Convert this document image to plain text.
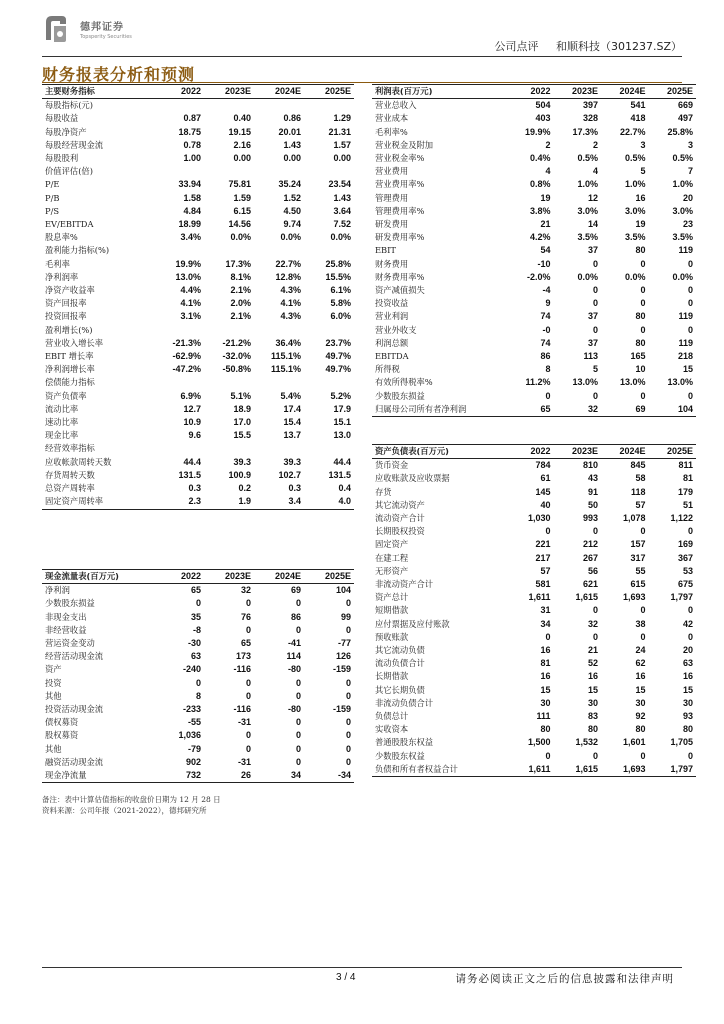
德邦证券
Topsperity Securities
公司点评 和顺科技（301237.SZ）
财务报表分析和预测
主要财务指标	2022	2023E	2024E	2025E
每股指标(元)				
每股收益	0.87	0.40	0.86	1.29
每股净资产	18.75	19.15	20.01	21.31
每股经营现金流	0.78	2.16	1.43	1.57
每股股利	1.00	0.00	0.00	0.00
价值评估(倍)				
P/E	33.94	75.81	35.24	23.54
P/B	1.58	1.59	1.52	1.43
P/S	4.84	6.15	4.50	3.64
EV/EBITDA	18.99	14.56	9.74	7.52
股息率%	3.4%	0.0%	0.0%	0.0%
盈利能力指标(%)				
毛利率	19.9%	17.3%	22.7%	25.8%
净利润率	13.0%	8.1%	12.8%	15.5%
净资产收益率	4.4%	2.1%	4.3%	6.1%
资产回报率	4.1%	2.0%	4.1%	5.8%
投资回报率	3.1%	2.1%	4.3%	6.0%
盈利增长(%)				
营业收入增长率	-21.3%	-21.2%	36.4%	23.7%
EBIT 增长率	-62.9%	-32.0%	115.1%	49.7%
净利润增长率	-47.2%	-50.8%	115.1%	49.7%
偿债能力指标				
资产负债率	6.9%	5.1%	5.4%	5.2%
流动比率	12.7	18.9	17.4	17.9
速动比率	10.9	17.0	15.4	15.1
现金比率	9.6	15.5	13.7	13.0
经营效率指标				
应收帐款周转天数	44.4	39.3	39.3	44.4
存货周转天数	131.5	100.9	102.7	131.5
总资产周转率	0.3	0.2	0.3	0.4
固定资产周转率	2.3	1.9	3.4	4.0
现金流量表(百万元)	2022	2023E	2024E	2025E
净利润	65	32	69	104
少数股东损益	0	0	0	0
非现金支出	35	76	86	99
非经营收益	-8	0	0	0
营运资金变动	-30	65	-41	-77
经营活动现金流	63	173	114	126
资产	-240	-116	-80	-159
投资	0	0	0	0
其他	8	0	0	0
投资活动现金流	-233	-116	-80	-159
债权募资	-55	-31	0	0
股权募资	1,036	0	0	0
其他	-79	0	0	0
融资活动现金流	902	-31	0	0
现金净流量	732	26	34	-34
利润表(百万元)	2022	2023E	2024E	2025E
营业总收入	504	397	541	669
营业成本	403	328	418	497
毛利率%	19.9%	17.3%	22.7%	25.8%
营业税金及附加	2	2	3	3
营业税金率%	0.4%	0.5%	0.5%	0.5%
营业费用	4	4	5	7
营业费用率%	0.8%	1.0%	1.0%	1.0%
管理费用	19	12	16	20
管理费用率%	3.8%	3.0%	3.0%	3.0%
研发费用	21	14	19	23
研发费用率%	4.2%	3.5%	3.5%	3.5%
EBIT	54	37	80	119
财务费用	-10	0	0	0
财务费用率%	-2.0%	0.0%	0.0%	0.0%
资产减值损失	-4	0	0	0
投资收益	9	0	0	0
营业利润	74	37	80	119
营业外收支	-0	0	0	0
利润总额	74	37	80	119
EBITDA	86	113	165	218
所得税	8	5	10	15
有效所得税率%	11.2%	13.0%	13.0%	13.0%
少数股东损益	0	0	0	0
归属母公司所有者净利润	65	32	69	104
资产负债表(百万元)	2022	2023E	2024E	2025E
货币资金	784	810	845	811
应收账款及应收票据	61	43	58	81
存货	145	91	118	179
其它流动资产	40	50	57	51
流动资产合计	1,030	993	1,078	1,122
长期股权投资	0	0	0	0
固定资产	221	212	157	169
在建工程	217	267	317	367
无形资产	57	56	55	53
非流动资产合计	581	621	615	675
资产总计	1,611	1,615	1,693	1,797
短期借款	31	0	0	0
应付票据及应付账款	34	32	38	42
预收账款	0	0	0	0
其它流动负债	16	21	24	20
流动负债合计	81	52	62	63
长期借款	16	16	16	16
其它长期负债	15	15	15	15
非流动负债合计	30	30	30	30
负债总计	111	83	92	93
实收资本	80	80	80	80
普通股股东权益	1,500	1,532	1,601	1,705
少数股东权益	0	0	0	0
负债和所有者权益合计	1,611	1,615	1,693	1,797
备注：表中计算估值指标的收盘价日期为 12 月 28 日
资料来源：公司年报（2021-2022），德邦研究所
3 / 4	请务必阅读正文之后的信息披露和法律声明
